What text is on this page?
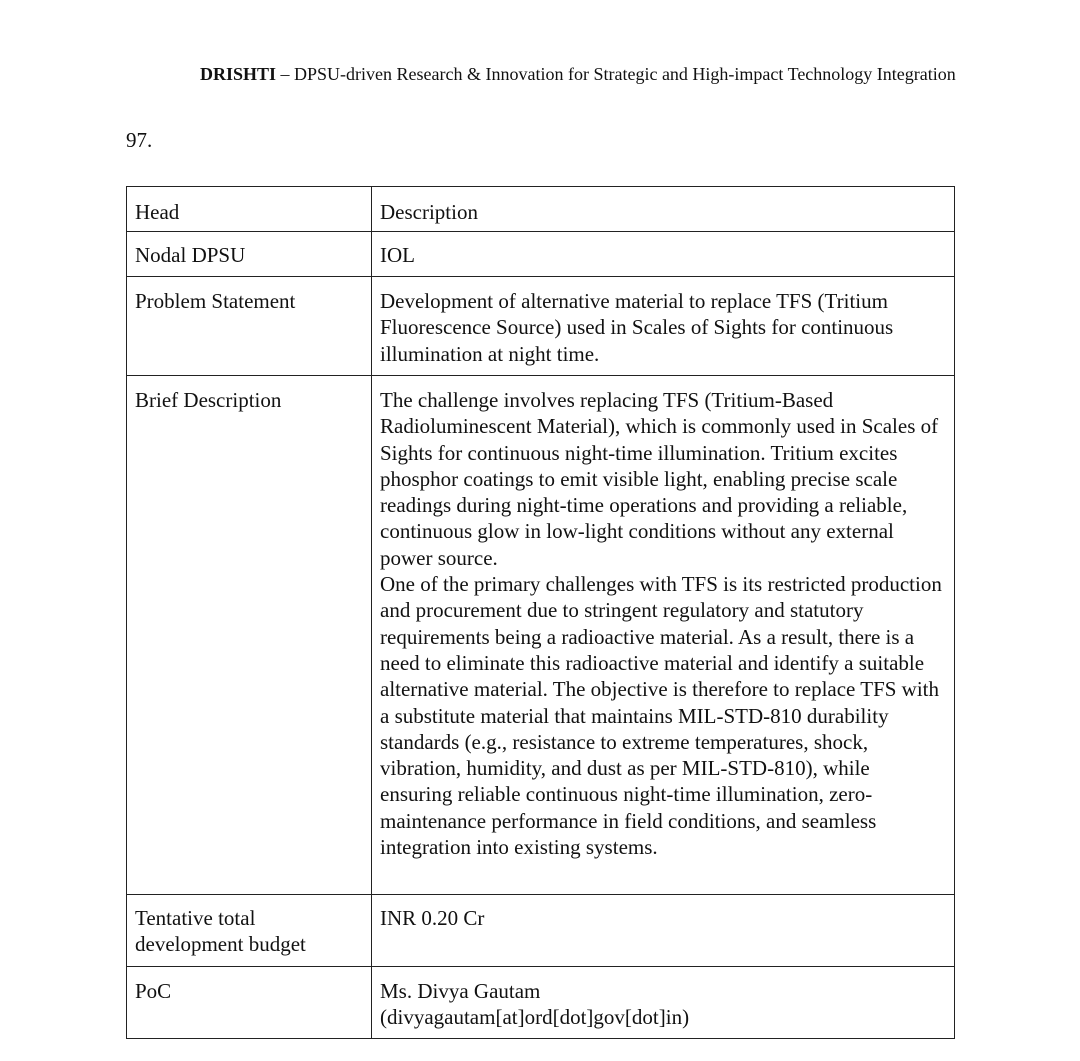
DRISHTI – DPSU-driven Research & Innovation for Strategic and High-impact Technology Integration
97.
Head	Description

Nodal DPSU	IOL

Problem Statement	Development of alternative material to replace TFS (Tritium Fluorescence Source) used in Scales of Sights for continuous illumination at night time.

Brief Description	The challenge involves replacing TFS (Tritium-Based Radioluminescent Material), which is commonly used in Scales of Sights for continuous night-time illumination. Tritium excites phosphor coatings to emit visible light, enabling precise scale readings during night-time operations and providing a reliable, continuous glow in low-light conditions without any external power source.
One of the primary challenges with TFS is its restricted production and procurement due to stringent regulatory and statutory requirements being a radioactive material. As a result, there is a need to eliminate this radioactive material and identify a suitable alternative material. The objective is therefore to replace TFS with a substitute material that maintains MIL-STD-810 durability standards (e.g., resistance to extreme temperatures, shock, vibration, humidity, and dust as per MIL-STD-810), while ensuring reliable continuous night-time illumination, zero-maintenance performance in field conditions, and seamless integration into existing systems.

Tentative total development budget	INR 0.20 Cr

PoC	Ms. Divya Gautam
(divyagautam[at]ord[dot]gov[dot]in)
